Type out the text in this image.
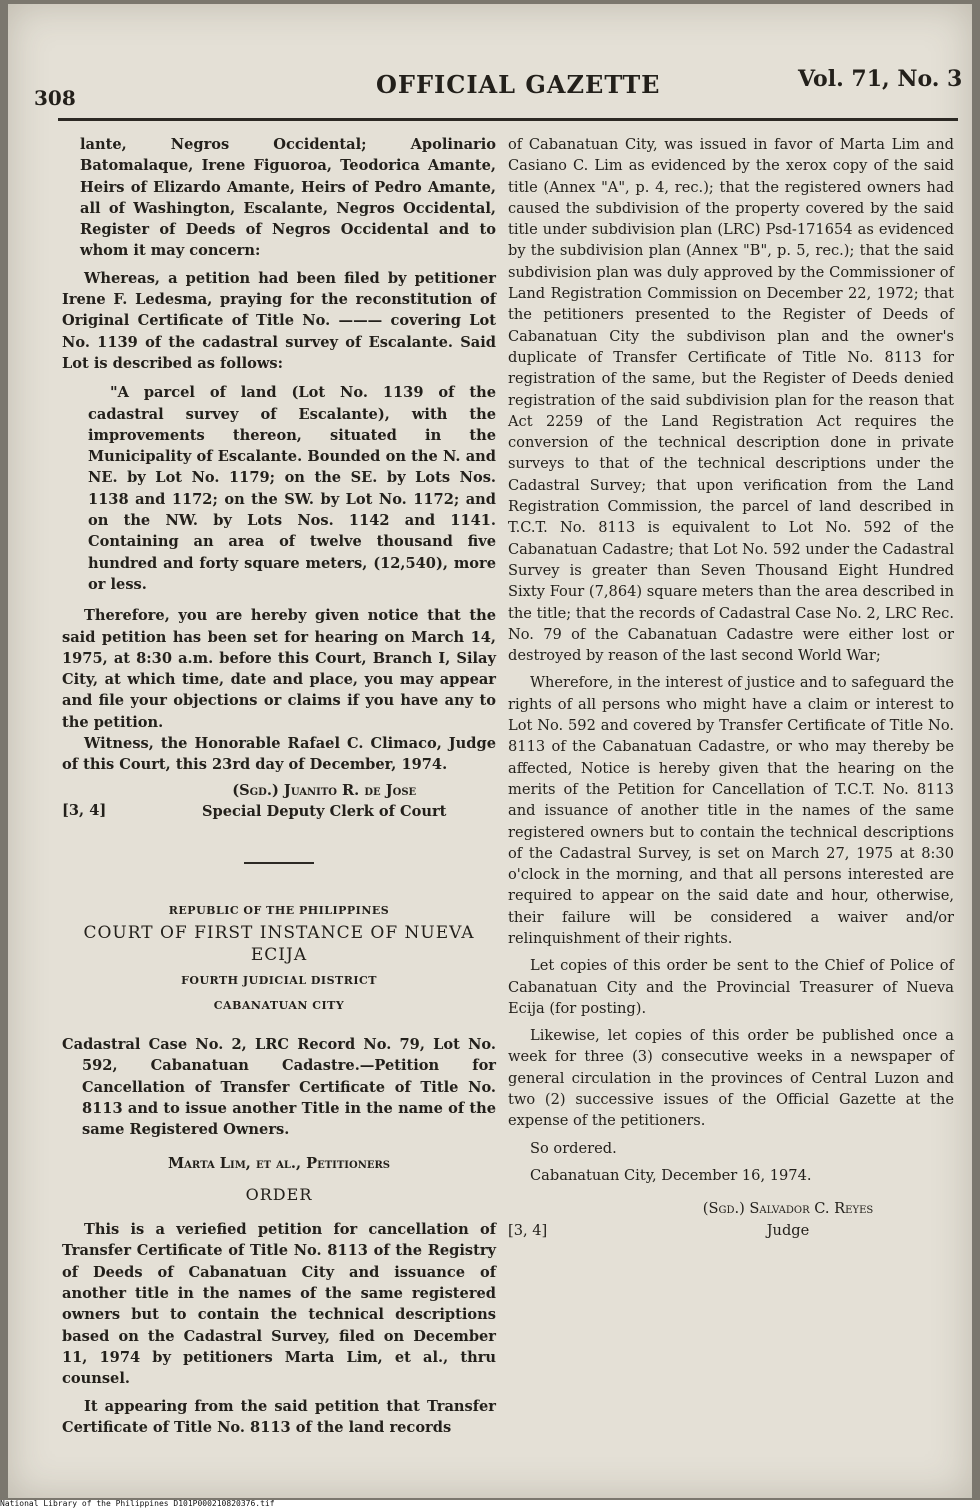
308	OFFICIAL GAZETTE	Vol. 71, No. 3

lante, Negros Occidental; Apolinario Batomalaque, Irene Figuoroa, Teodorica Amante, Heirs of Elizardo Amante, Heirs of Pedro Amante, all of Washington, Escalante, Negros Occidental, Register of Deeds of Negros Occidental and to whom it may concern:

Whereas, a petition had been filed by petitioner Irene F. Ledesma, praying for the reconstitution of Original Certificate of Title No. ——— covering Lot No. 1139 of the cadastral survey of Escalante. Said Lot is described as follows:

"A parcel of land (Lot No. 1139 of the cadastral survey of Escalante), with the improvements thereon, situated in the Municipality of Escalante. Bounded on the N. and NE. by Lot No. 1179; on the SE. by Lots Nos. 1138 and 1172; on the SW. by Lot No. 1172; and on the NW. by Lots Nos. 1142 and 1141. Containing an area of twelve thousand five hundred and forty square meters, (12,540), more or less.

Therefore, you are hereby given notice that the said petition has been set for hearing on March 14, 1975, at 8:30 a.m. before this Court, Branch I, Silay City, at which time, date and place, you may appear and file your objections or claims if you have any to the petition.

Witness, the Honorable Rafael C. Climaco, Judge of this Court, this 23rd day of December, 1974.

[3, 4]
(Sgd.) Juanito R. de Jose
Special Deputy Clerk of Court
REPUBLIC OF THE PHILIPPINES
COURT OF FIRST INSTANCE OF NUEVA ECIJA
FOURTH JUDICIAL DISTRICT
CABANATUAN CITY

Cadastral Case No. 2, LRC Record No. 79, Lot No. 592, Cabanatuan Cadastre.—Petition for Cancellation of Transfer Certificate of Title No. 8113 and to issue another Title in the name of the same Registered Owners.

Marta Lim, et al., Petitioners
ORDER

This is a veriefied petition for cancellation of Transfer Certificate of Title No. 8113 of the Registry of Deeds of Cabanatuan City and issuance of another title in the names of the same registered owners but to contain the technical descriptions based on the Cadastral Survey, filed on December 11, 1974 by petitioners Marta Lim, et al., thru counsel.

It appearing from the said petition that Transfer Certificate of Title No. 8113 of the land records

of Cabanatuan City, was issued in favor of Marta Lim and Casiano C. Lim as evidenced by the xerox copy of the said title (Annex "A", p. 4, rec.); that the registered owners had caused the subdivision of the property covered by the said title under subdivision plan (LRC) Psd-171654 as evidenced by the subdivision plan (Annex "B", p. 5, rec.); that the said subdivision plan was duly approved by the Commissioner of Land Registration Commission on December 22, 1972; that the petitioners presented to the Register of Deeds of Cabanatuan City the subdivison plan and the owner's duplicate of Transfer Certificate of Title No. 8113 for registration of the same, but the Register of Deeds denied registration of the said subdivision plan for the reason that Act 2259 of the Land Registration Act requires the conversion of the technical description done in private surveys to that of the technical descriptions under the Cadastral Survey; that upon verification from the Land Registration Commission, the parcel of land described in T.C.T. No. 8113 is equivalent to Lot No. 592 of the Cabanatuan Cadastre; that Lot No. 592 under the Cadastral Survey is greater than Seven Thousand Eight Hundred Sixty Four (7,864) square meters than the area described in the title; that the records of Cadastral Case No. 2, LRC Rec. No. 79 of the Cabanatuan Cadastre were either lost or destroyed by reason of the last second World War;

Wherefore, in the interest of justice and to safeguard the rights of all persons who might have a claim or interest to Lot No. 592 and covered by Transfer Certificate of Title No. 8113 of the Cabanatuan Cadastre, or who may thereby be affected, Notice is hereby given that the hearing on the merits of the Petition for Cancellation of T.C.T. No. 8113 and issuance of another title in the names of the same registered owners but to contain the technical descriptions of the Cadastral Survey, is set on March 27, 1975 at 8:30 o'clock in the morning, and that all persons interested are required to appear on the said date and hour, otherwise, their failure will be considered a waiver and/or relinquishment of their rights.

Let copies of this order be sent to the Chief of Police of Cabanatuan City and the Provincial Treasurer of Nueva Ecija (for posting).

Likewise, let copies of this order be published once a week for three (3) consecutive weeks in a newspaper of general circulation in the provinces of Central Luzon and two (2) successive issues of the Official Gazette at the expense of the petitioners.

So ordered.

Cabanatuan City, December 16, 1974.

[3, 4]
(Sgd.) Salvador C. Reyes
Judge
National Library of the Philippines D101P000210820376.tif
